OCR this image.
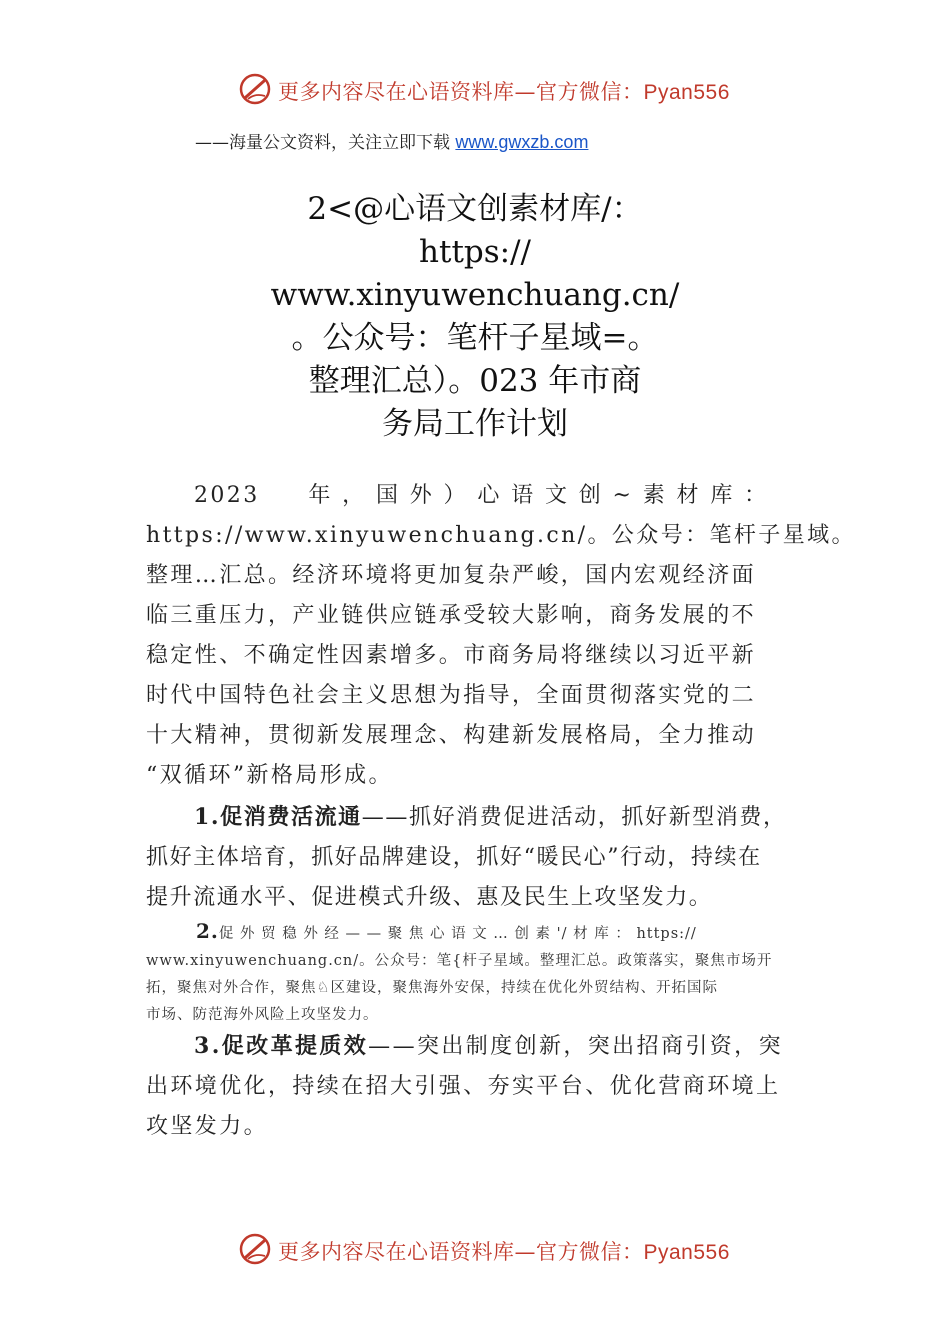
更多内容尽在心语资料库—官方微信：Pyan556
——海量公文资料，关注立即下载 www.gwxzb.com
2<@心语文创素材库/：
https://
www.xinyuwenchuang.cn/
。公众号：笔杆子星域=。
整理汇总）。023 年市商
务局工作计划
2023　　年 ， 国 外 ） 心 语 文 创 ~ 素 材 库 ：
https://www.xinyuwenchuang.cn/。公众号：笔杆子星域。
整理…汇总。经济环境将更加复杂严峻，国内宏观经济面
临三重压力，产业链供应链承受较大影响，商务发展的不
稳定性、不确定性因素增多。市商务局将继续以习近平新
时代中国特色社会主义思想为指导，全面贯彻落实党的二
十大精神，贯彻新发展理念、构建新发展格局，全力推动
“双循环”新格局形成。
1.促消费活流通——抓好消费促进活动，抓好新型消费，
抓好主体培育，抓好品牌建设，抓好“暖民心”行动，持续在
提升流通水平、促进模式升级、惠及民生上攻坚发力。
2.促 外 贸 稳 外 经 — — 聚 焦 心 语 文 … 创 素 '/ 材 库 ： https://
www.xinyuwenchuang.cn/。公众号：笔{杆子星域。整理汇总。政策落实，聚焦市场开
拓，聚焦对外合作，聚焦♘区建设，聚焦海外安保，持续在优化外贸结构、开拓国际
市场、防范海外风险上攻坚发力。
3.促改革提质效——突出制度创新，突出招商引资，突
出环境优化，持续在招大引强、夯实平台、优化营商环境上
攻坚发力。
更多内容尽在心语资料库—官方微信：Pyan556
